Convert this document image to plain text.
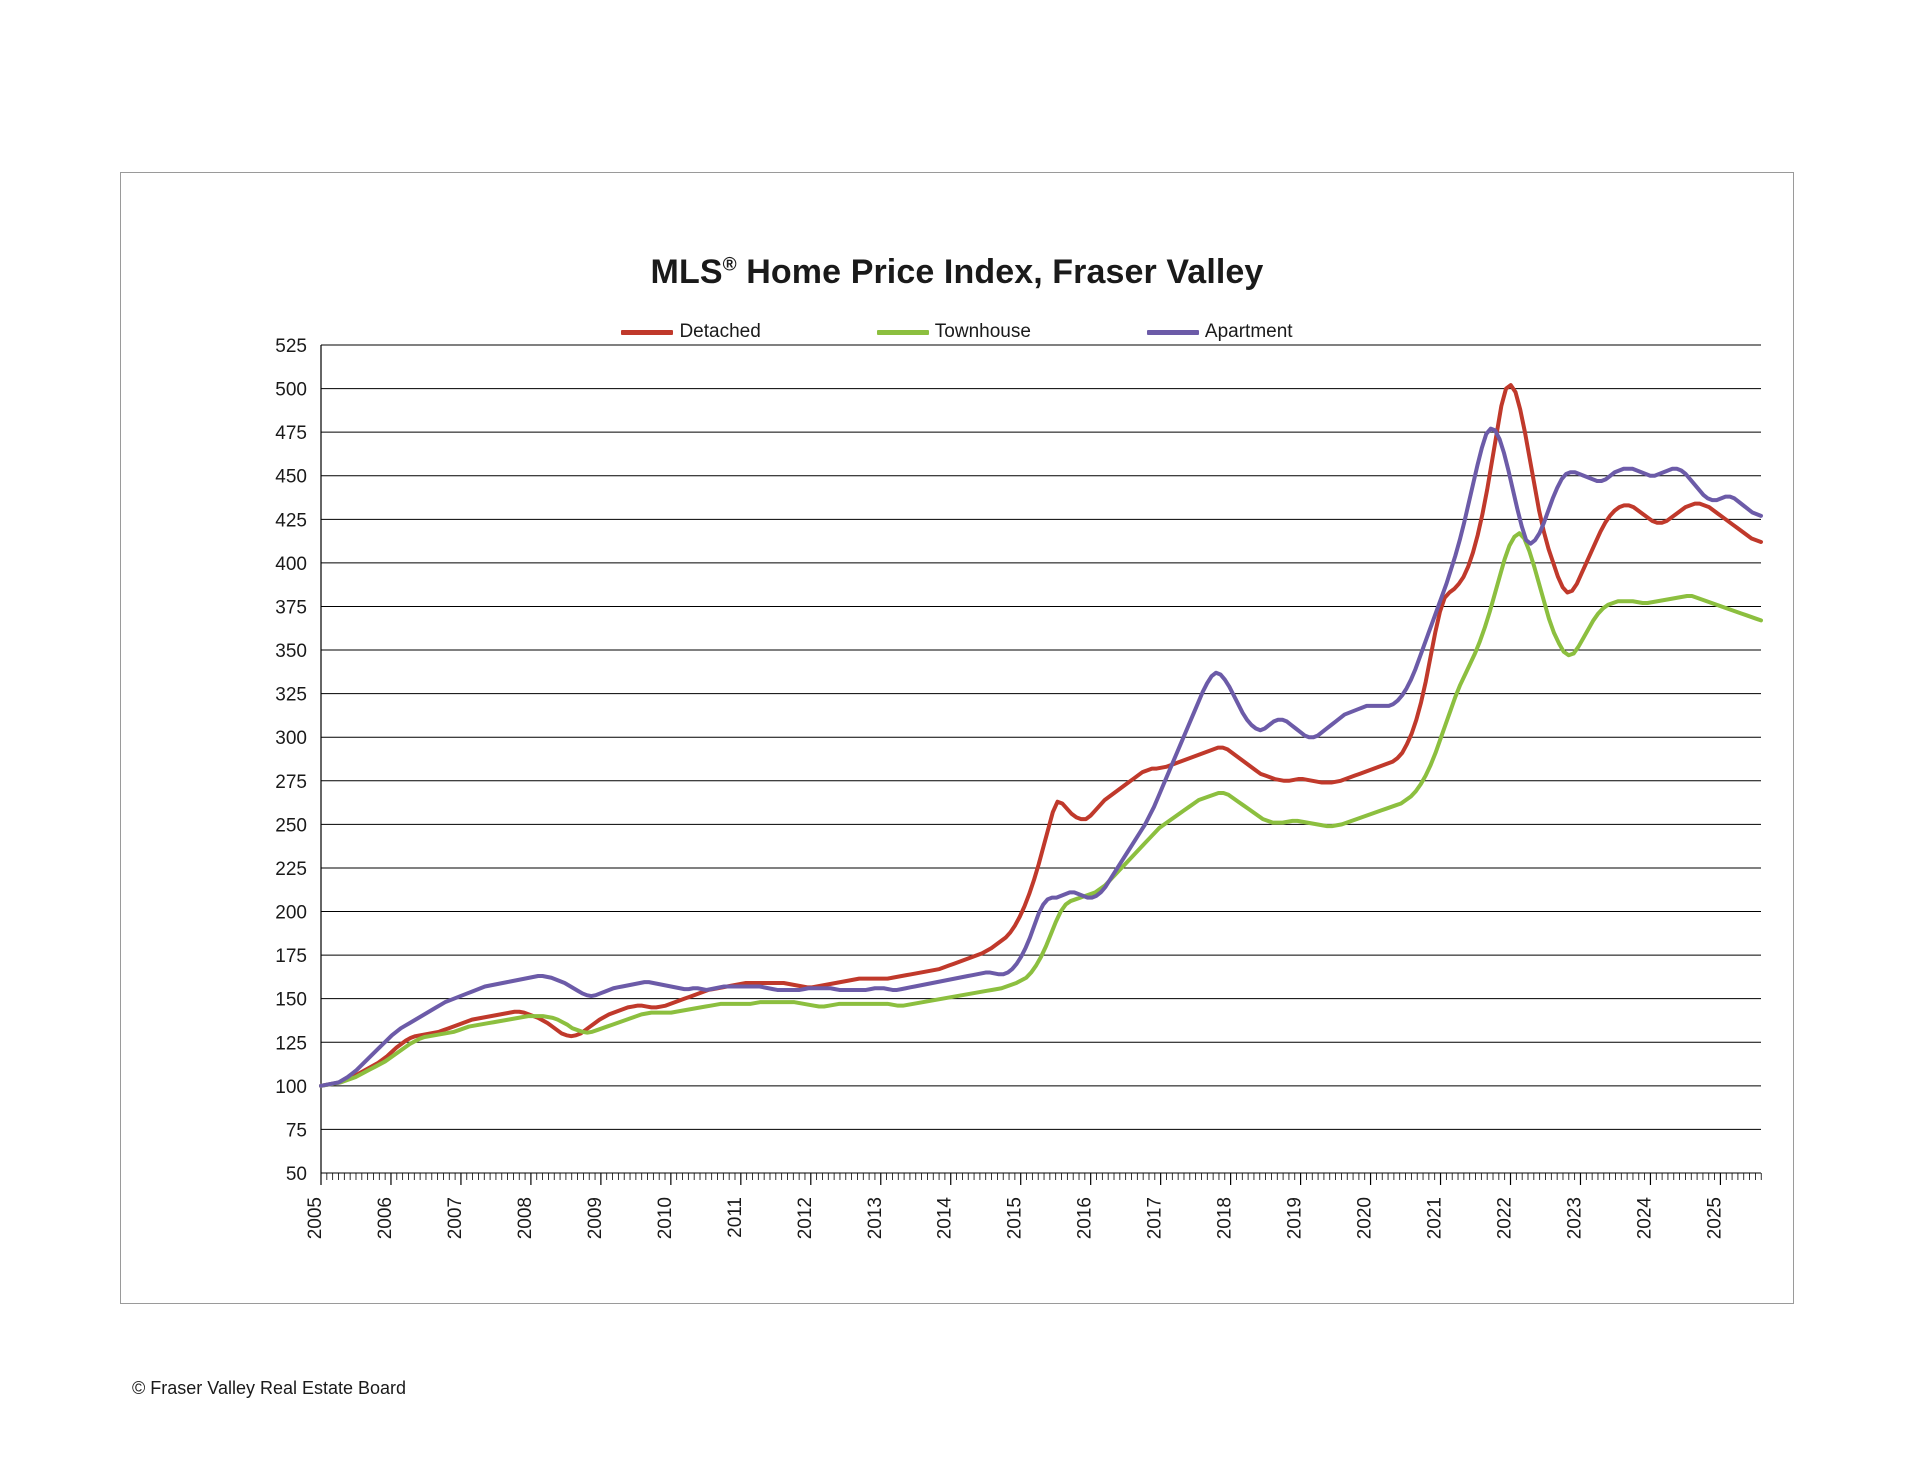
MLS® Home Price Index, Fraser Valley
Detached	Townhouse	Apartment
525
500
475
450
425
400
375
350
325
300
275
250
225
200
175
150
125
100
75
50
2005	2006	2007	2008	2009	2010	2011	2012	2013	2014	2015	2016	2017	2018	2019	2020	2021	2022	2023	2024	2025
© Fraser Valley Real Estate Board
